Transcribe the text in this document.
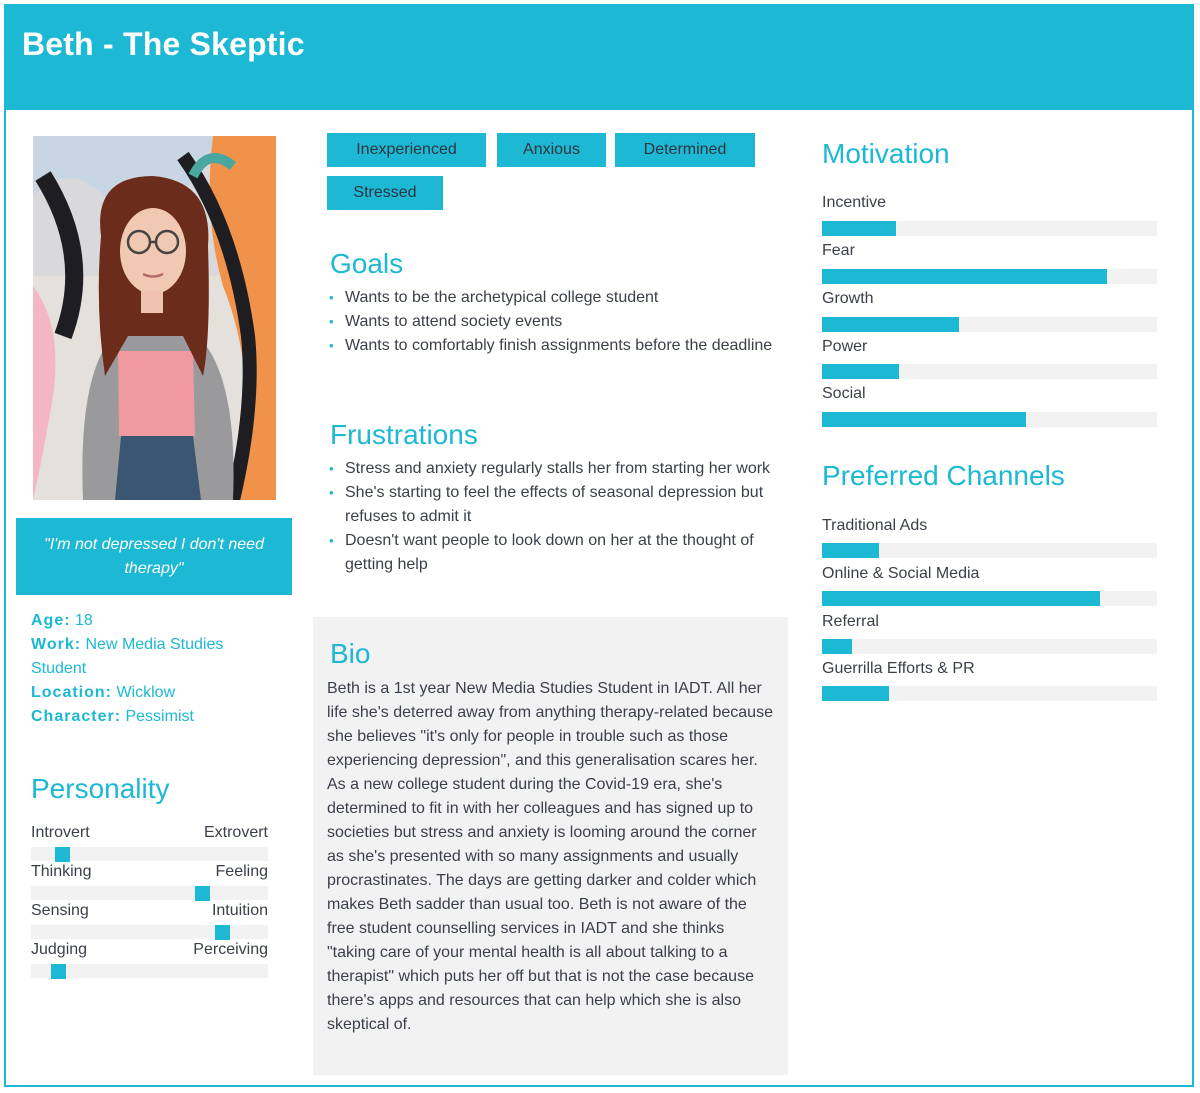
Beth - The Skeptic
"I'm not depressed I don't need therapy"
Age: 18
Work: New Media Studies Student
Location: Wicklow
Character: Pessimist
Personality
Introvert	Extrovert
Thinking	Feeling
Sensing	Intuition
Judging	Perceiving
Inexperienced	Anxious	Determined
Stressed
Goals
• Wants to be the archetypical college student
• Wants to attend society events
• Wants to comfortably finish assignments before the deadline
Frustrations
• Stress and anxiety regularly stalls her from starting her work
• She's starting to feel the effects of seasonal depression but refuses to admit it
• Doesn't want people to look down on her at the thought of getting help
Bio
Beth is a 1st year New Media Studies Student in IADT. All her life she's deterred away from anything therapy-related because she believes "it's only for people in trouble such as those experiencing depression", and this generalisation scares her. As a new college student during the Covid-19 era, she's determined to fit in with her colleagues and has signed up to societies but stress and anxiety is looming around the corner as she's presented with so many assignments and usually procrastinates. The days are getting darker and colder which makes Beth sadder than usual too. Beth is not aware of the free student counselling services in IADT and she thinks "taking care of your mental health is all about talking to a therapist" which puts her off but that is not the case because there's apps and resources that can help which she is also skeptical of.
Motivation
Incentive
Fear
Growth
Power
Social
Preferred Channels
Traditional Ads
Online & Social Media
Referral
Guerrilla Efforts & PR
